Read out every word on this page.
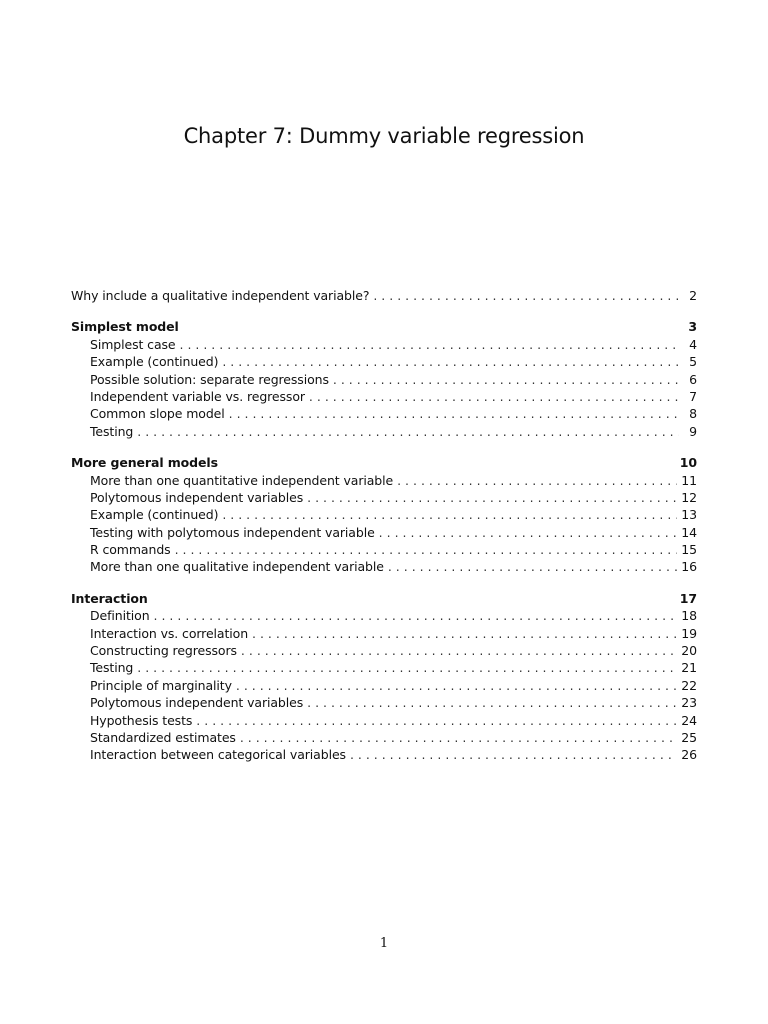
Chapter 7: Dummy variable regression
Why include a qualitative independent variable? . . .	2
Simplest model	3
Simplest case . . .	4
Example (continued) . . .	5
Possible solution: separate regressions . . .	6
Independent variable vs. regressor . . .	7
Common slope model . . .	8
Testing . . .	9
More general models	10
More than one quantitative independent variable . . .	11
Polytomous independent variables . . .	12
Example (continued) . . .	13
Testing with polytomous independent variable . . .	14
R commands . . .	15
More than one qualitative independent variable . . .	16
Interaction	17
Definition . . .	18
Interaction vs. correlation . . .	19
Constructing regressors . . .	20
Testing . . .	21
Principle of marginality . . .	22
Polytomous independent variables . . .	23
Hypothesis tests . . .	24
Standardized estimates . . .	25
Interaction between categorical variables . . .	26
1
